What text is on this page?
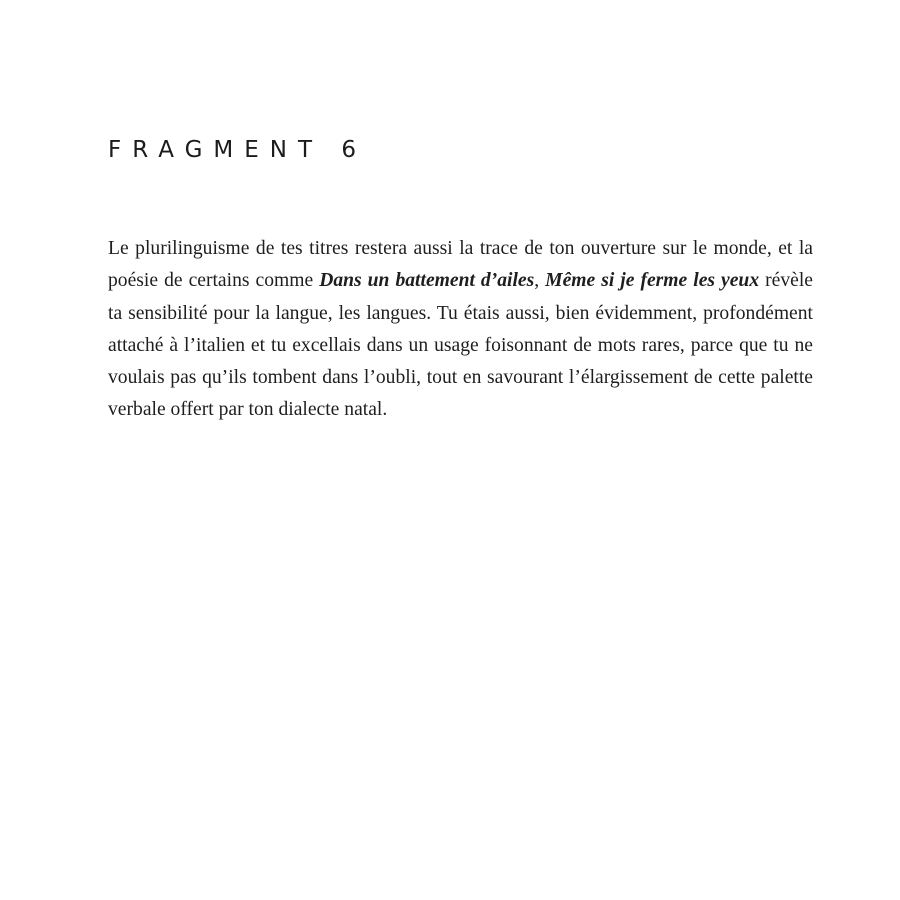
FRAGMENT 6

Le plurilinguisme de tes titres restera aussi la trace de ton ouverture sur le monde, et la poésie de certains comme Dans un battement d’ailes, Même si je ferme les yeux révèle ta sensibilité pour la langue, les langues. Tu étais aussi, bien évidemment, profondément attaché à l’italien et tu excellais dans un usage foisonnant de mots rares, parce que tu ne voulais pas qu’ils tombent dans l’oubli, tout en savourant l’élargissement de cette palette verbale offert par ton dialecte natal.
